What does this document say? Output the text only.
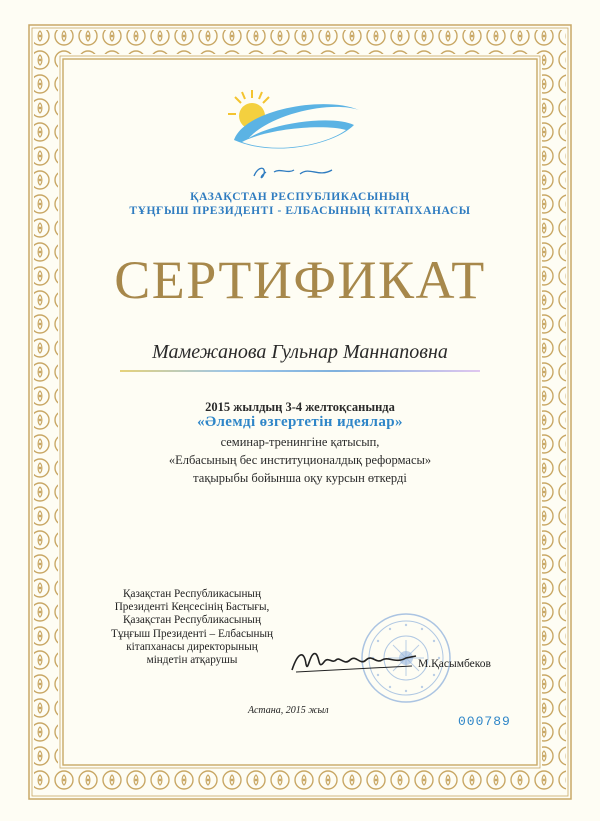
ҚАЗАҚСТАН РЕСПУБЛИКАСЫНЫҢ

ТҰҢҒЫШ ПРЕЗИДЕНТІ - ЕЛБАСЫНЫҢ КІТАПХАНАСЫ

СЕРТИФИКАТ
Мамежанова Гульнар Маннаповна

2015 жылдың 3-4 желтоқсанында

«Әлемді өзгертетін идеялар»

семинар-тренингіне қатысып,

«Елбасының бес институционалдық реформасы»

тақырыбы бойынша оқу курсын өткерді

Қазақстан Республикасының
Президенті Кеңсесінің Бастығы,
Қазақстан Республикасының
Тұңғыш Президенті – Елбасының
кітапханасы директорының
міндетін атқарушы	М.Қасымбеков
Астана, 2015 жыл
000789
